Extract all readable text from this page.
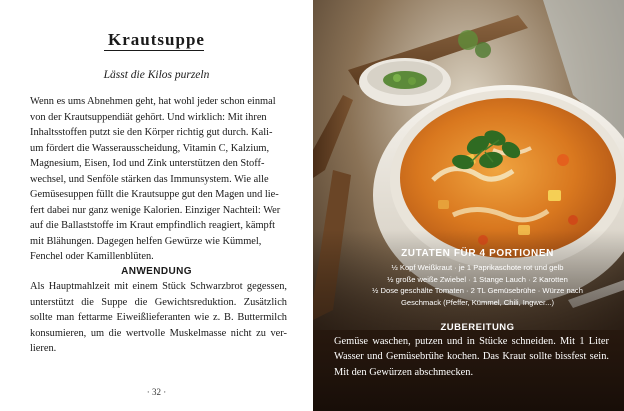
Krautsuppe
Lässt die Kilos purzeln
Wenn es ums Abnehmen geht, hat wohl jeder schon einmal
von der Krautsuppendiät gehört. Und wirklich: Mit ihren
Inhaltsstoffen putzt sie den Körper richtig gut durch. Kali-
um fördert die Wasserausscheidung, Vitamin C, Kalzium,
Magnesium, Eisen, Iod und Zink unterstützen den Stoff-
wechsel, und Senföle stärken das Immunsystem. Wie alle
Gemüsesuppen füllt die Krautsuppe gut den Magen und lie-
fert dabei nur ganz wenige Kalorien. Einziger Nachteil: Wer
auf die Ballaststoffe im Kraut empfindlich reagiert, kämpft
mit Blähungen. Dagegen helfen Gewürze wie Kümmel,
Fenchel oder Kamillenblüten.
ANWENDUNG
Als Hauptmahlzeit mit einem Stück Schwarzbrot gegessen, unterstützt die Suppe die Gewichtsreduktion. Zusätzlich sollte man fettarme Eiweißlieferanten wie z. B. Buttermilch konsumieren, um die wertvolle Muskelmasse nicht zu ver- lieren.
· 32 ·
ZUTATEN FÜR 4 PORTIONEN
½ Kopf Weißkraut · je 1 Paprikaschote rot und gelb
½ große weiße Zwiebel · 1 Stange Lauch · 2 Karotten
½ Dose geschälte Tomaten · 2 TL Gemüsebrühe · Würze nach
Geschmack (Pfeffer, Kümmel, Chili, Ingwer...)
ZUBEREITUNG

Gemüse waschen, putzen und in Stücke schneiden. Mit 1 Liter Wasser und Gemüsebrühe kochen. Das Kraut sollte bissfest sein. Mit den Gewürzen abschmecken.
